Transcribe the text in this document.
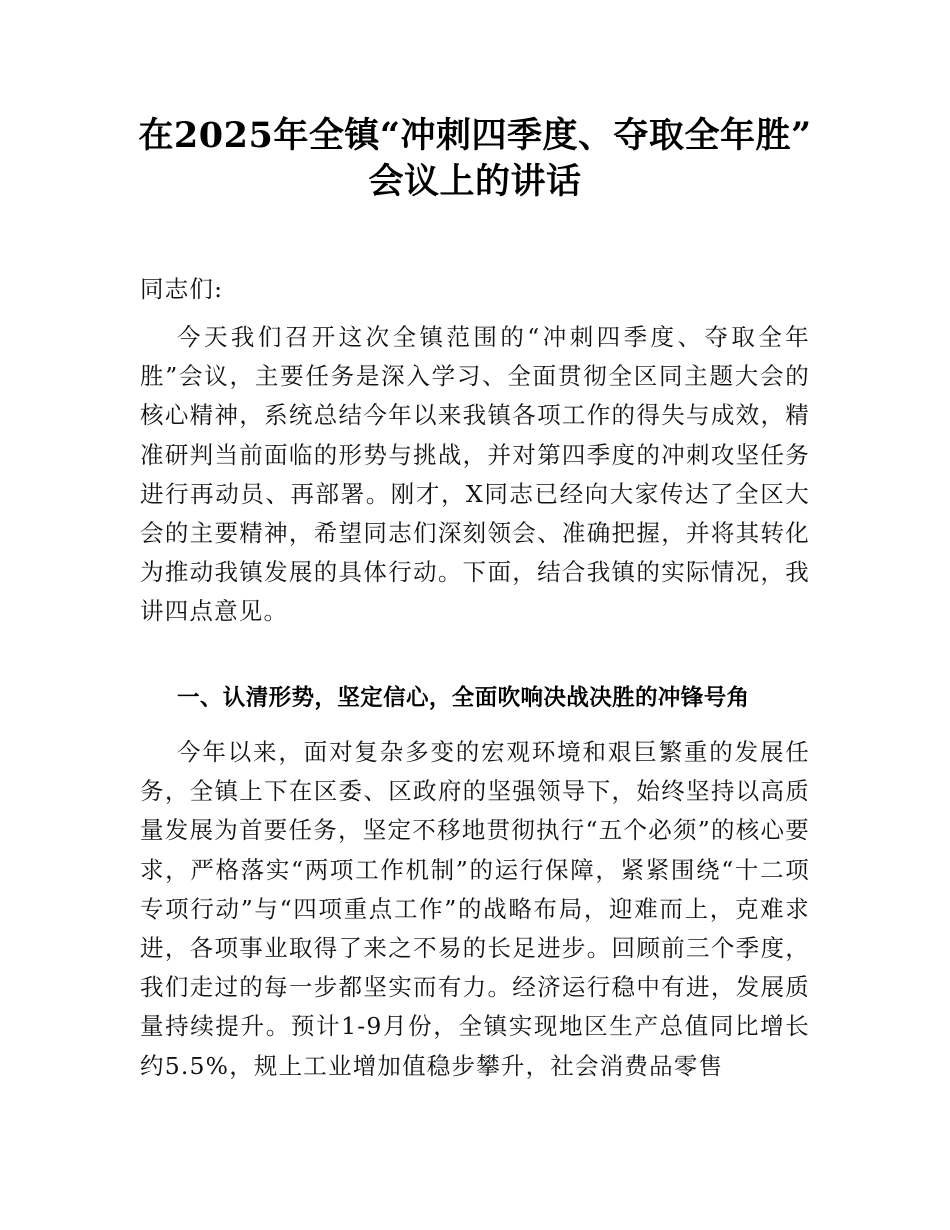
在2025年全镇“冲刺四季度、夺取全年胜”
会议上的讲话

同志们:

今天我们召开这次全镇范围的“冲刺四季度、夺取全年胜”会议，主要任务是深入学习、全面贯彻全区同主题大会的核心精神，系统总结今年以来我镇各项工作的得失与成效，精准研判当前面临的形势与挑战，并对第四季度的冲刺攻坚任务进行再动员、再部署。刚才，X同志已经向大家传达了全区大会的主要精神，希望同志们深刻领会、准确把握，并将其转化为推动我镇发展的具体行动。下面，结合我镇的实际情况，我讲四点意见。

一、认清形势，坚定信心，全面吹响决战决胜的冲锋号角

今年以来，面对复杂多变的宏观环境和艰巨繁重的发展任务，全镇上下在区委、区政府的坚强领导下，始终坚持以高质量发展为首要任务，坚定不移地贯彻执行“五个必须”的核心要求，严格落实“两项工作机制”的运行保障，紧紧围绕“十二项专项行动”与“四项重点工作”的战略布局，迎难而上，克难求进，各项事业取得了来之不易的长足进步。回顾前三个季度，我们走过的每一步都坚实而有力。经济运行稳中有进，发展质量持续提升。预计1-9月份，全镇实现地区生产总值同比增长约5.5%，规上工业增加值稳步攀升，社会消费品零售
